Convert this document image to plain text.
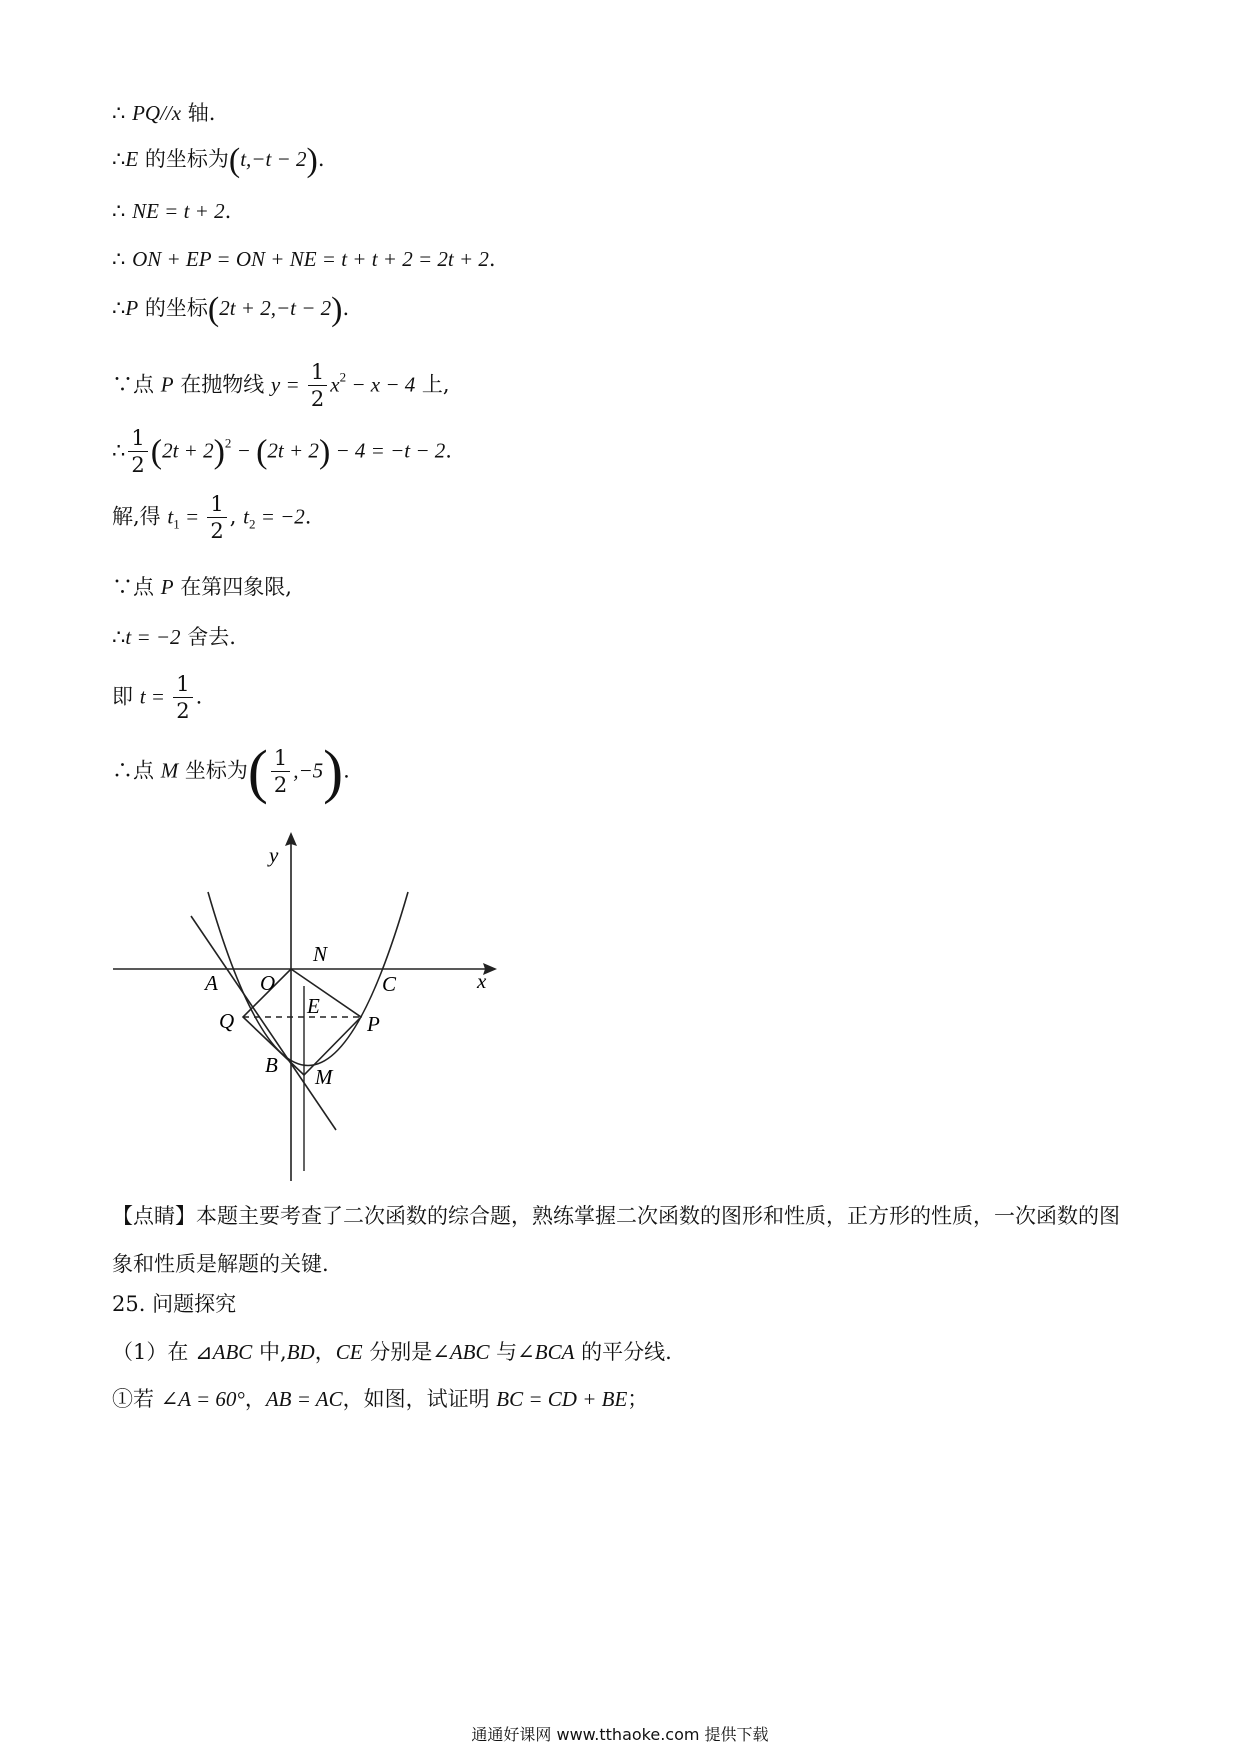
∴ PQ//x 轴.
∴E 的坐标为(t,−t − 2).
∴ NE = t + 2.
∴ ON + EP = ON + NE = t + t + 2 = 2t + 2.
∴P 的坐标(2t + 2,−t − 2).
∵点 P 在抛物线 $y = \frac{1}{2} x^2 - x - 4$ 上,
∴ $\frac{1}{2} (2t + 2)^2 - (2t + 2) - 4 = -t - 2$.
解,得 $t_1 = \frac{1}{2}$ , $t_2 = -2$.
∵点 P 在第四象限,
∴t = −2 舍去.
即 $t = \frac{1}{2}$ .
∴点 M 坐标为( $\frac{1}{2} ,-5$).
y
x
N
A O	C
E
Q	P
B M
【点睛】本题主要考查了二次函数的综合题，熟练掌握二次函数的图形和性质，正方形的性质，一次函数的图象和性质是解题的关键.
25. 问题探究
（1）在 ⊿ABC 中,BD，CE 分别是∠ABC 与∠BCA 的平分线.
①若 ∠A = 60°，AB = AC，如图，试证明 BC = CD + BE；
通通好课网 www.tthaoke.com 提供下载
